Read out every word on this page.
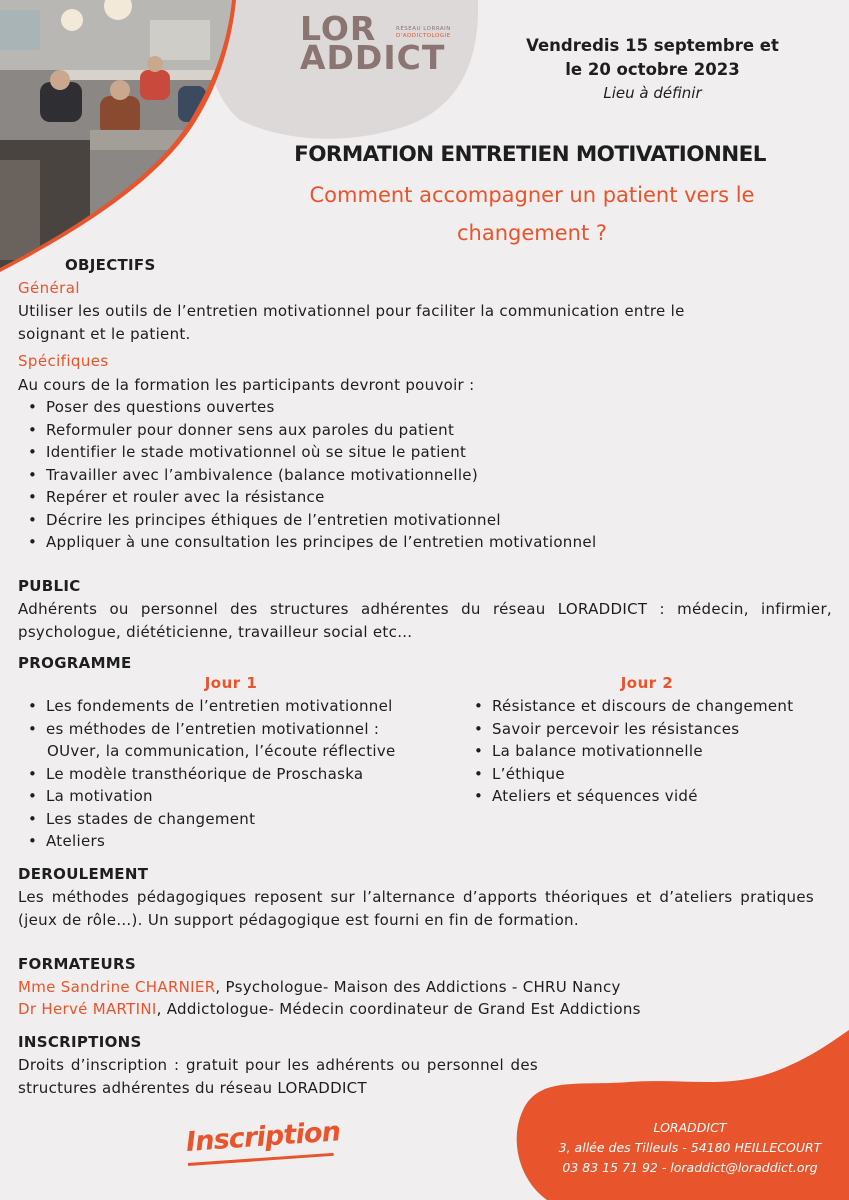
LOR
ADDICT
RÉSEAU LORRAIN
D'ADDICTOLOGIE	Vendredis 15 septembre et
le 20 octobre 2023
Lieu à définir
FORMATION ENTRETIEN MOTIVATIONNEL
Comment accompagner un patient vers le
changement ?
OBJECTIFS
Général
Utiliser les outils de l’entretien motivationnel pour faciliter la communication entre le
soignant et le patient.
Spécifiques
Au cours de la formation les participants devront pouvoir :
• Poser des questions ouvertes
• Reformuler pour donner sens aux paroles du patient
• Identifier le stade motivationnel où se situe le patient
• Travailler avec l’ambivalence (balance motivationnelle)
• Repérer et rouler avec la résistance
• Décrire les principes éthiques de l’entretien motivationnel
• Appliquer à une consultation les principes de l’entretien motivationnel
PUBLIC
Adhérents ou personnel des structures adhérentes du réseau LORADDICT : médecin, infirmier, psychologue, diététicienne, travailleur social etc…
PROGRAMME
Jour 1
• Les fondements de l’entretien motivationnel
• es méthodes de l’entretien motivationnel :
OUver, la communication, l’écoute réflective
• Le modèle transthéorique de Proschaska
• La motivation
• Les stades de changement
• Ateliers
Jour 2
• Résistance et discours de changement
• Savoir percevoir les résistances
• La balance motivationnelle
• L’éthique
• Ateliers et séquences vidé
DEROULEMENT
Les méthodes pédagogiques reposent sur l’alternance d’apports théoriques et d’ateliers pratiques (jeux de rôle…). Un support pédagogique est fourni en fin de formation.
FORMATEURS
Mme Sandrine CHARNIER, Psychologue- Maison des Addictions - CHRU Nancy
Dr Hervé MARTINI, Addictologue- Médecin coordinateur de Grand Est Addictions
INSCRIPTIONS
Droits d’inscription : gratuit pour les adhérents ou personnel des structures adhérentes du réseau LORADDICT
LORADDICT
3, allée des Tilleuls - 54180 HEILLECOURT
03 83 15 71 92 - loraddict@loraddict.org
Inscription
